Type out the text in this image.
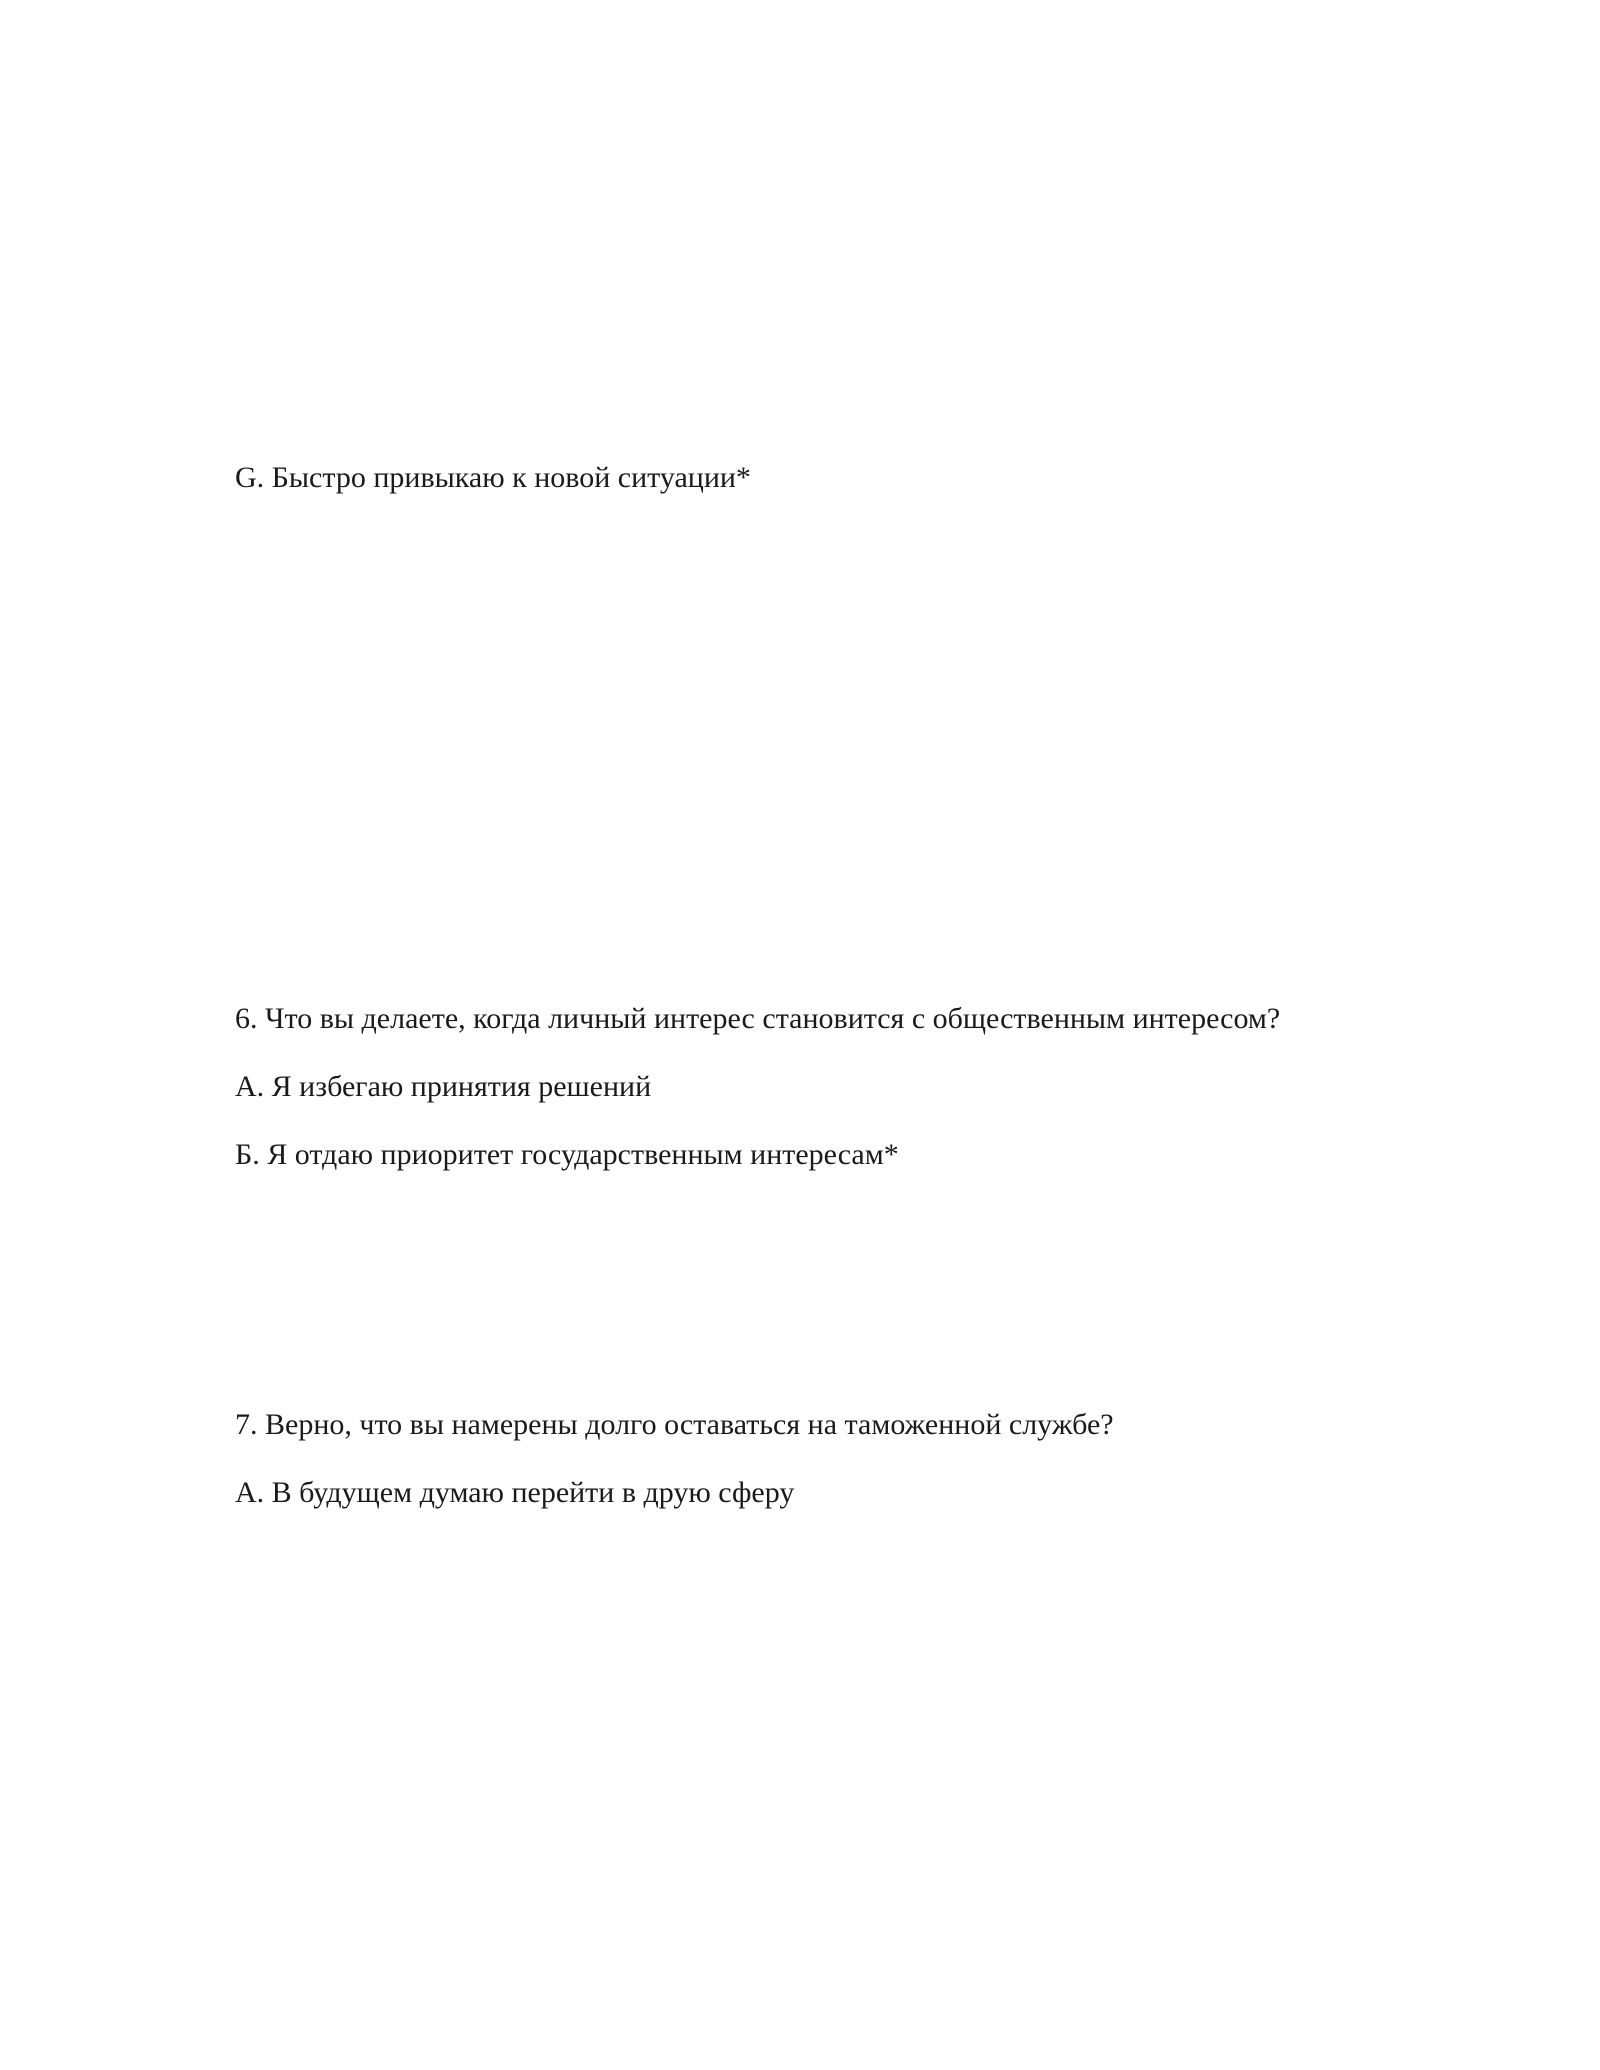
G. Быстро привыкаю к новой ситуации*

6. Что вы делаете, когда личный интерес становится с общественным интересом?

А. Я избегаю принятия решений

Б. Я отдаю приоритет государственным интересам*

7. Верно, что вы намерены долго оставаться на таможенной службе?

А. В будущем думаю перейти в друю сферу
